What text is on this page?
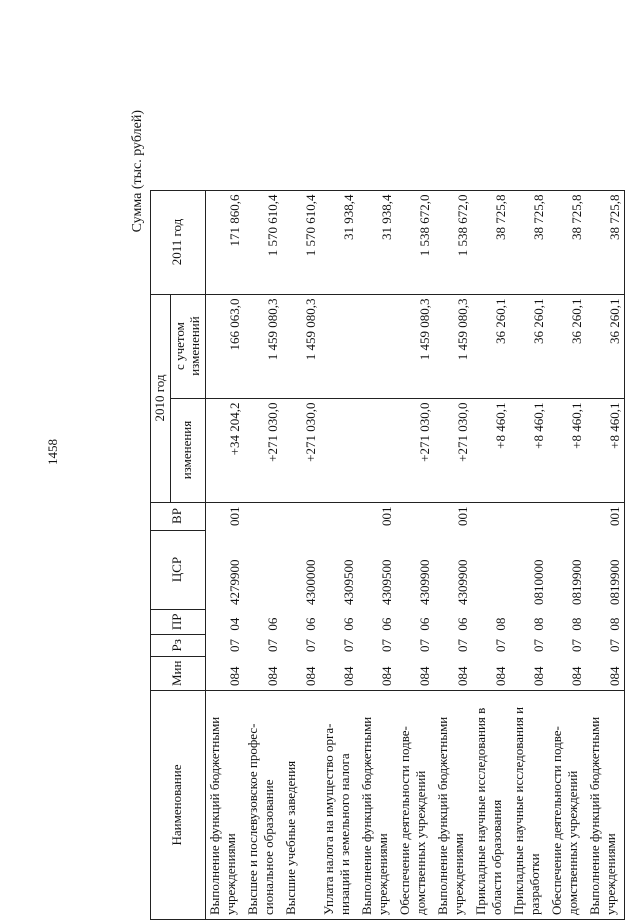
1458
Сумма (тыс. рублей)
Наименование	Мин	Рз	ПР	ЦСР	ВР	2010 год		2011 год
						изменения	с учетом изменений	
Выполнение функций бюджетными учреждениями	084	07	04	4279900	001	+34 204,2	166 063,0	171 860,6
Высшее и послевузовское профес-сиональное образование	084	07	06			+271 030,0	1 459 080,3	1 570 610,4
Высшие учебные заведения	084	07	06	4300000		+271 030,0	1 459 080,3	1 570 610,4
Уплата налога на имущество орга-низаций и земельного налога	084	07	06	4309500				31 938,4
Выполнение функций бюджетными учреждениями	084	07	06	4309500	001			31 938,4
Обеспечение деятельности подве-домственных учреждений	084	07	06	4309900		+271 030,0	1 459 080,3	1 538 672,0
Выполнение функций бюджетными учреждениями	084	07	06	4309900	001	+271 030,0	1 459 080,3	1 538 672,0
Прикладные научные исследования в области образования	084	07	08			+8 460,1	36 260,1	38 725,8
Прикладные научные исследования и разработки	084	07	08	0810000		+8 460,1	36 260,1	38 725,8
Обеспечение деятельности подве-домственных учреждений	084	07	08	0819900		+8 460,1	36 260,1	38 725,8
Выполнение функций бюджетными учреждениями	084	07	08	0819900	001	+8 460,1	36 260,1	38 725,8
